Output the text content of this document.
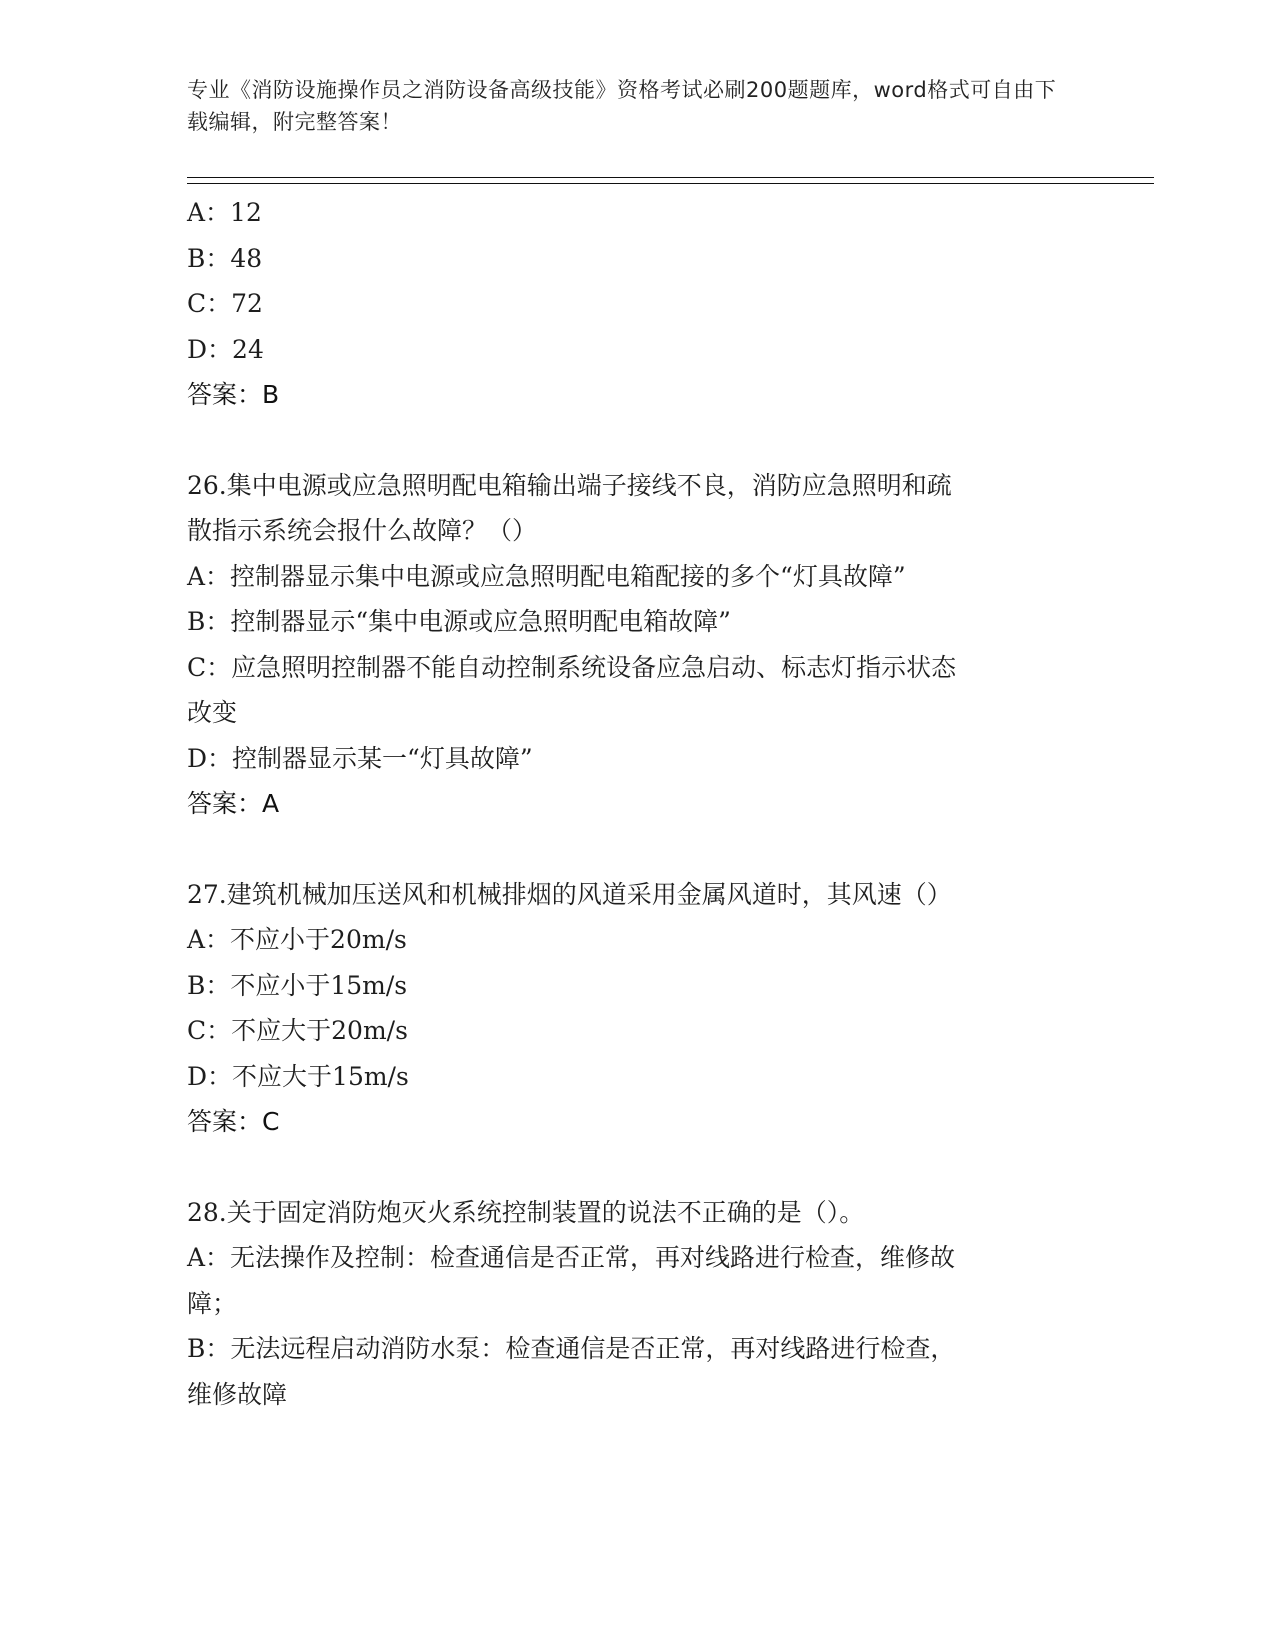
专业《消防设施操作员之消防设备高级技能》资格考试必刷200题题库，word格式可自由下载编辑，附完整答案！
A：12
B：48
C：72
D：24
答案：B
26.集中电源或应急照明配电箱输出端子接线不良，消防应急照明和疏
散指示系统会报什么故障？（）
A：控制器显示集中电源或应急照明配电箱配接的多个“灯具故障”
B：控制器显示“集中电源或应急照明配电箱故障”
C：应急照明控制器不能自动控制系统设备应急启动、标志灯指示状态
改变
D：控制器显示某一“灯具故障”
答案：A
27.建筑机械加压送风和机械排烟的风道采用金属风道时，其风速（）
A：不应小于20m/s
B：不应小于15m/s
C：不应大于20m/s
D：不应大于15m/s
答案：C
28.关于固定消防炮灭火系统控制装置的说法不正确的是（）。
A：无法操作及控制：检查通信是否正常，再对线路进行检查，维修故
障；
B：无法远程启动消防水泵：检查通信是否正常，再对线路进行检查，
维修故障
